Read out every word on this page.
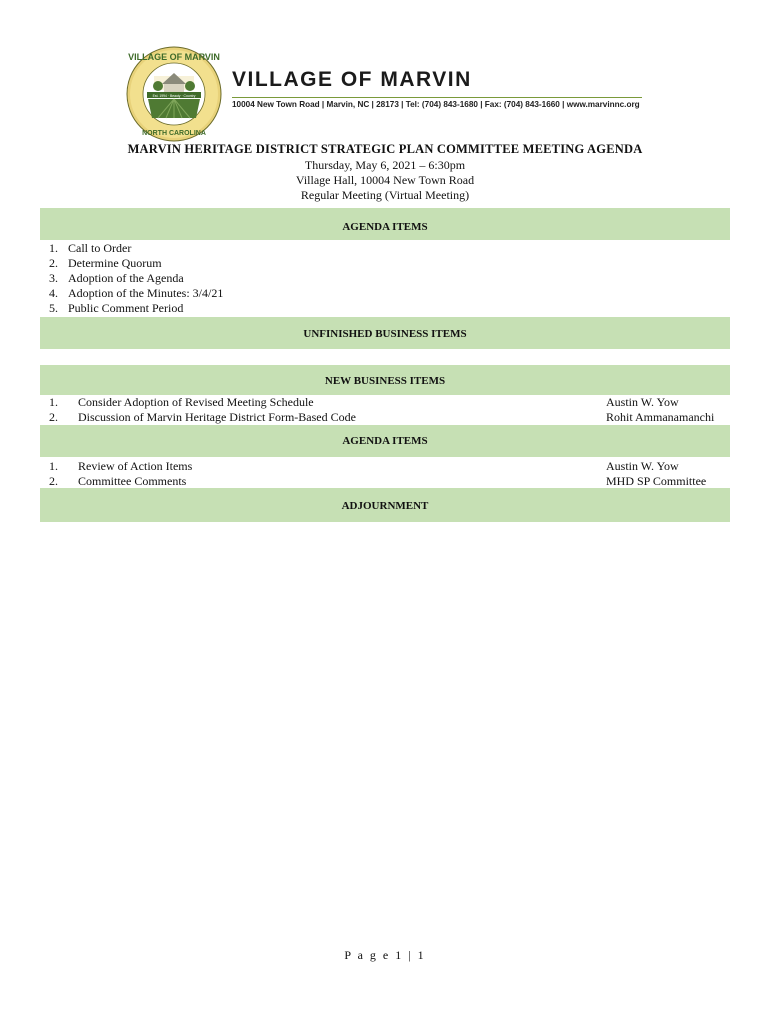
VILLAGE OF MARVIN
NORTH CAROLINA
Est. 1994 · Beauty · Country
VILLAGE OF MARVIN
10004 New Town Road | Marvin, NC | 28173 | Tel: (704) 843-1680 | Fax: (704) 843-1660 | www.marvinnc.org
MARVIN HERITAGE DISTRICT STRATEGIC PLAN COMMITTEE MEETING AGENDA
Thursday, May 6, 2021 – 6:30pm
Village Hall, 10004 New Town Road
Regular Meeting (Virtual Meeting)
AGENDA ITEMS
1. Call to Order
2. Determine Quorum
3. Adoption of the Agenda
4. Adoption of the Minutes: 3/4/21
5. Public Comment Period
UNFINISHED BUSINESS ITEMS
NEW BUSINESS ITEMS
1. Consider Adoption of Revised Meeting Schedule	Austin W. Yow
2. Discussion of Marvin Heritage District Form-Based Code	Rohit Ammanamanchi
AGENDA ITEMS
1. Review of Action Items	Austin W. Yow
2. Committee Comments	MHD SP Committee
ADJOURNMENT
P a g e 1 | 1
